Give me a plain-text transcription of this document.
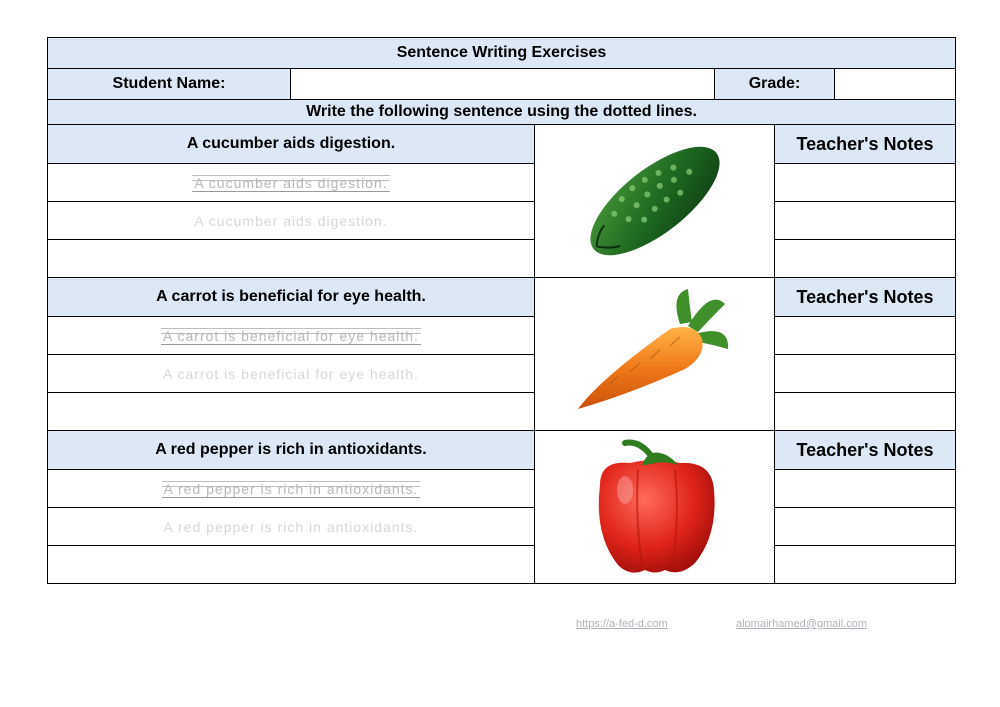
Sentence Writing Exercises
Student Name:	Grade:
Write the following sentence using the dotted lines.
A cucumber aids digestion.
A cucumber aids digestion.
A cucumber aids digestion.
Teacher's Notes
A carrot is beneficial for eye health.
A carrot is beneficial for eye health.
A carrot is beneficial for eye health.
Teacher's Notes
A red pepper is rich in antioxidants.
A red pepper is rich in antioxidants.
A red pepper is rich in antioxidants.
Teacher's Notes
https://a-fed-d.com	alomairhamed@gmail.com
